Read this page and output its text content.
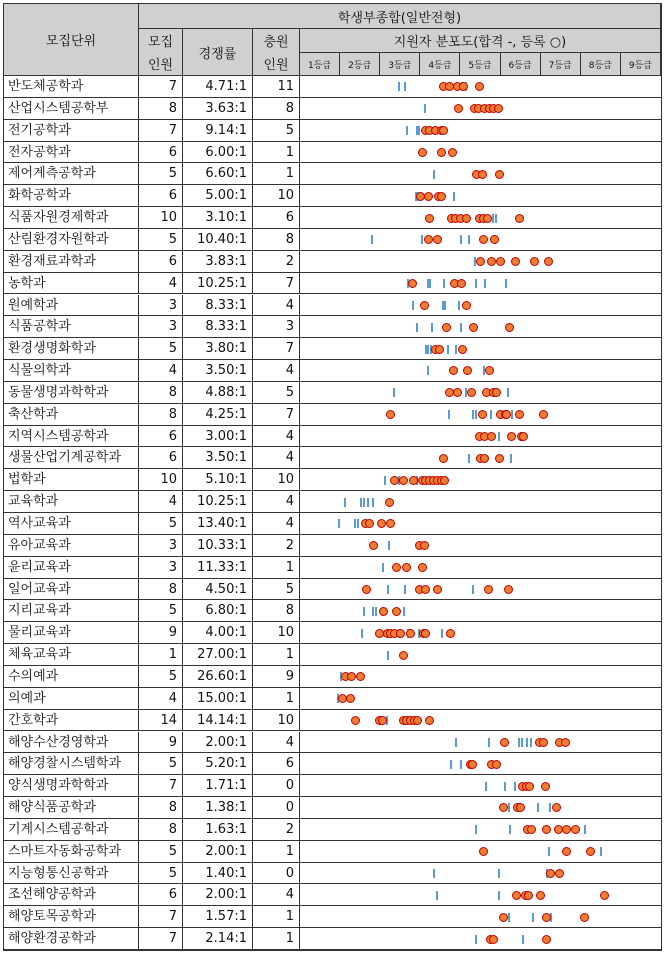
모집단위
학생부종합(일반전형)
모집
인원
경쟁률
충원
인원
지원자 분포도(합격 -, 등록 ○)
1등급	2등급	3등급	4등급	5등급	6등급	7등급	8등급	9등급
반도체공학과	7	4.71:1	11
산업시스템공학부	8	3.63:1	8
전기공학과	7	9.14:1	5
전자공학과	6	6.00:1	1
제어계측공학과	5	6.60:1	1
화학공학과	6	5.00:1	10
식품자원경제학과	10	3.10:1	6
산림환경자원학과	5	10.40:1	8
환경재료과학과	6	3.83:1	2
농학과	4	10.25:1	7
원예학과	3	8.33:1	4
식품공학과	3	8.33:1	3
환경생명화학과	5	3.80:1	7
식물의학과	4	3.50:1	4
동물생명과학학과	8	4.88:1	5
축산학과	8	4.25:1	7
지역시스템공학과	6	3.00:1	4
생물산업기계공학과	6	3.50:1	4
법학과	10	5.10:1	10
교육학과	4	10.25:1	4
역사교육과	5	13.40:1	4
유아교육과	3	10.33:1	2
윤리교육과	3	11.33:1	1
일어교육과	8	4.50:1	5
지리교육과	5	6.80:1	8
물리교육과	9	4.00:1	10
체육교육과	1	27.00:1	1
수의예과	5	26.60:1	9
의예과	4	15.00:1	1
간호학과	14	14.14:1	10
해양수산경영학과	9	2.00:1	4
해양경찰시스템학과	5	5.20:1	6
양식생명과학학과	7	1.71:1	0
해양식품공학과	8	1.38:1	0
기계시스템공학과	8	1.63:1	2
스마트자동화공학과	5	2.00:1	1
지능형통신공학과	5	1.40:1	0
조선해양공학과	6	2.00:1	4
해양토목공학과	7	1.57:1	1
해양환경공학과	7	2.14:1	1
